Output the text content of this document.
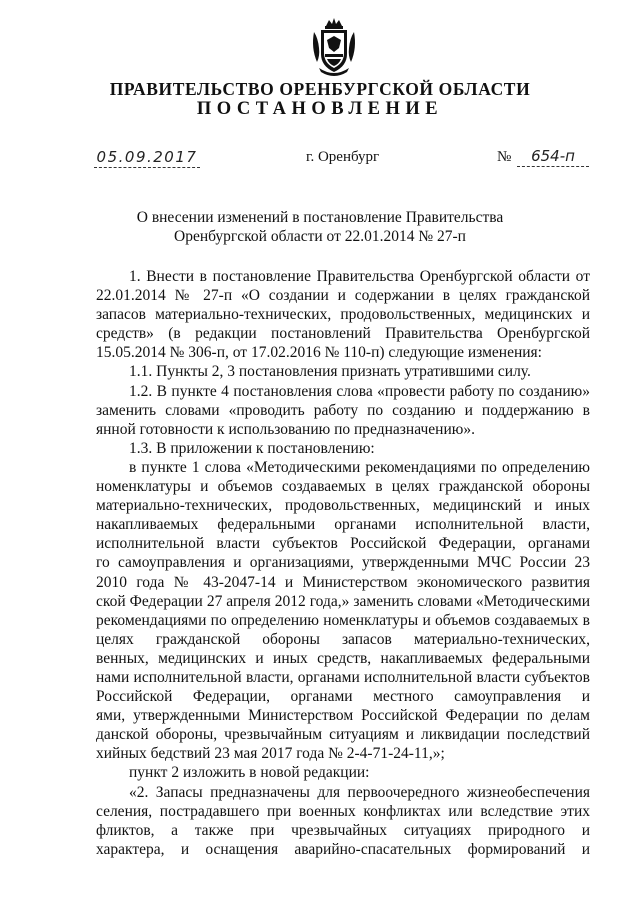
ПРАВИТЕЛЬСТВО ОРЕНБУРГСКОЙ ОБЛАСТИ
ПОСТАНОВЛЕНИЕ
05.09.2017	г. Оренбург	№	654-п
О внесении изменений в постановление Правительства
Оренбургской области от 22.01.2014 № 27-п
1. Внести в постановление Правительства Оренбургской области от
22.01.2014 № 27-п «О создании и содержании в целях гражданской
запасов материально-технических, продовольственных, медицинских и
средств» (в редакции постановлений Правительства Оренбургской
15.05.2014 № 306-п, от 17.02.2016 № 110-п) следующие изменения:
1.1. Пункты 2, 3 постановления признать утратившими силу.
1.2. В пункте 4 постановления слова «провести работу по созданию»
заменить словами «проводить работу по созданию и поддержанию в
янной готовности к использованию по предназначению».
1.3. В приложении к постановлению:
в пункте 1 слова «Методическими рекомендациями по определению
номенклатуры и объемов создаваемых в целях гражданской обороны
материально-технических, продовольственных, медицинский и иных
накапливаемых федеральными органами исполнительной власти,
исполнительной власти субъектов Российской Федерации, органами
го самоуправления и организациями, утвержденными МЧС России 23
2010 года № 43-2047-14 и Министерством экономического развития
ской Федерации 27 апреля 2012 года,» заменить словами «Методическими
рекомендациями по определению номенклатуры и объемов создаваемых в
целях гражданской обороны запасов материально-технических,
венных, медицинских и иных средств, накапливаемых федеральными
нами исполнительной власти, органами исполнительной власти субъектов
Российской Федерации, органами местного самоуправления и
ями, утвержденными Министерством Российской Федерации по делам
данской обороны, чрезвычайным ситуациям и ликвидации последствий
хийных бедствий 23 мая 2017 года № 2-4-71-24-11,»;
пункт 2 изложить в новой редакции:
«2. Запасы предназначены для первоочередного жизнеобеспечения
селения, пострадавшего при военных конфликтах или вследствие этих
фликтов, а также при чрезвычайных ситуациях природного и
характера, и оснащения аварийно-спасательных формирований и
